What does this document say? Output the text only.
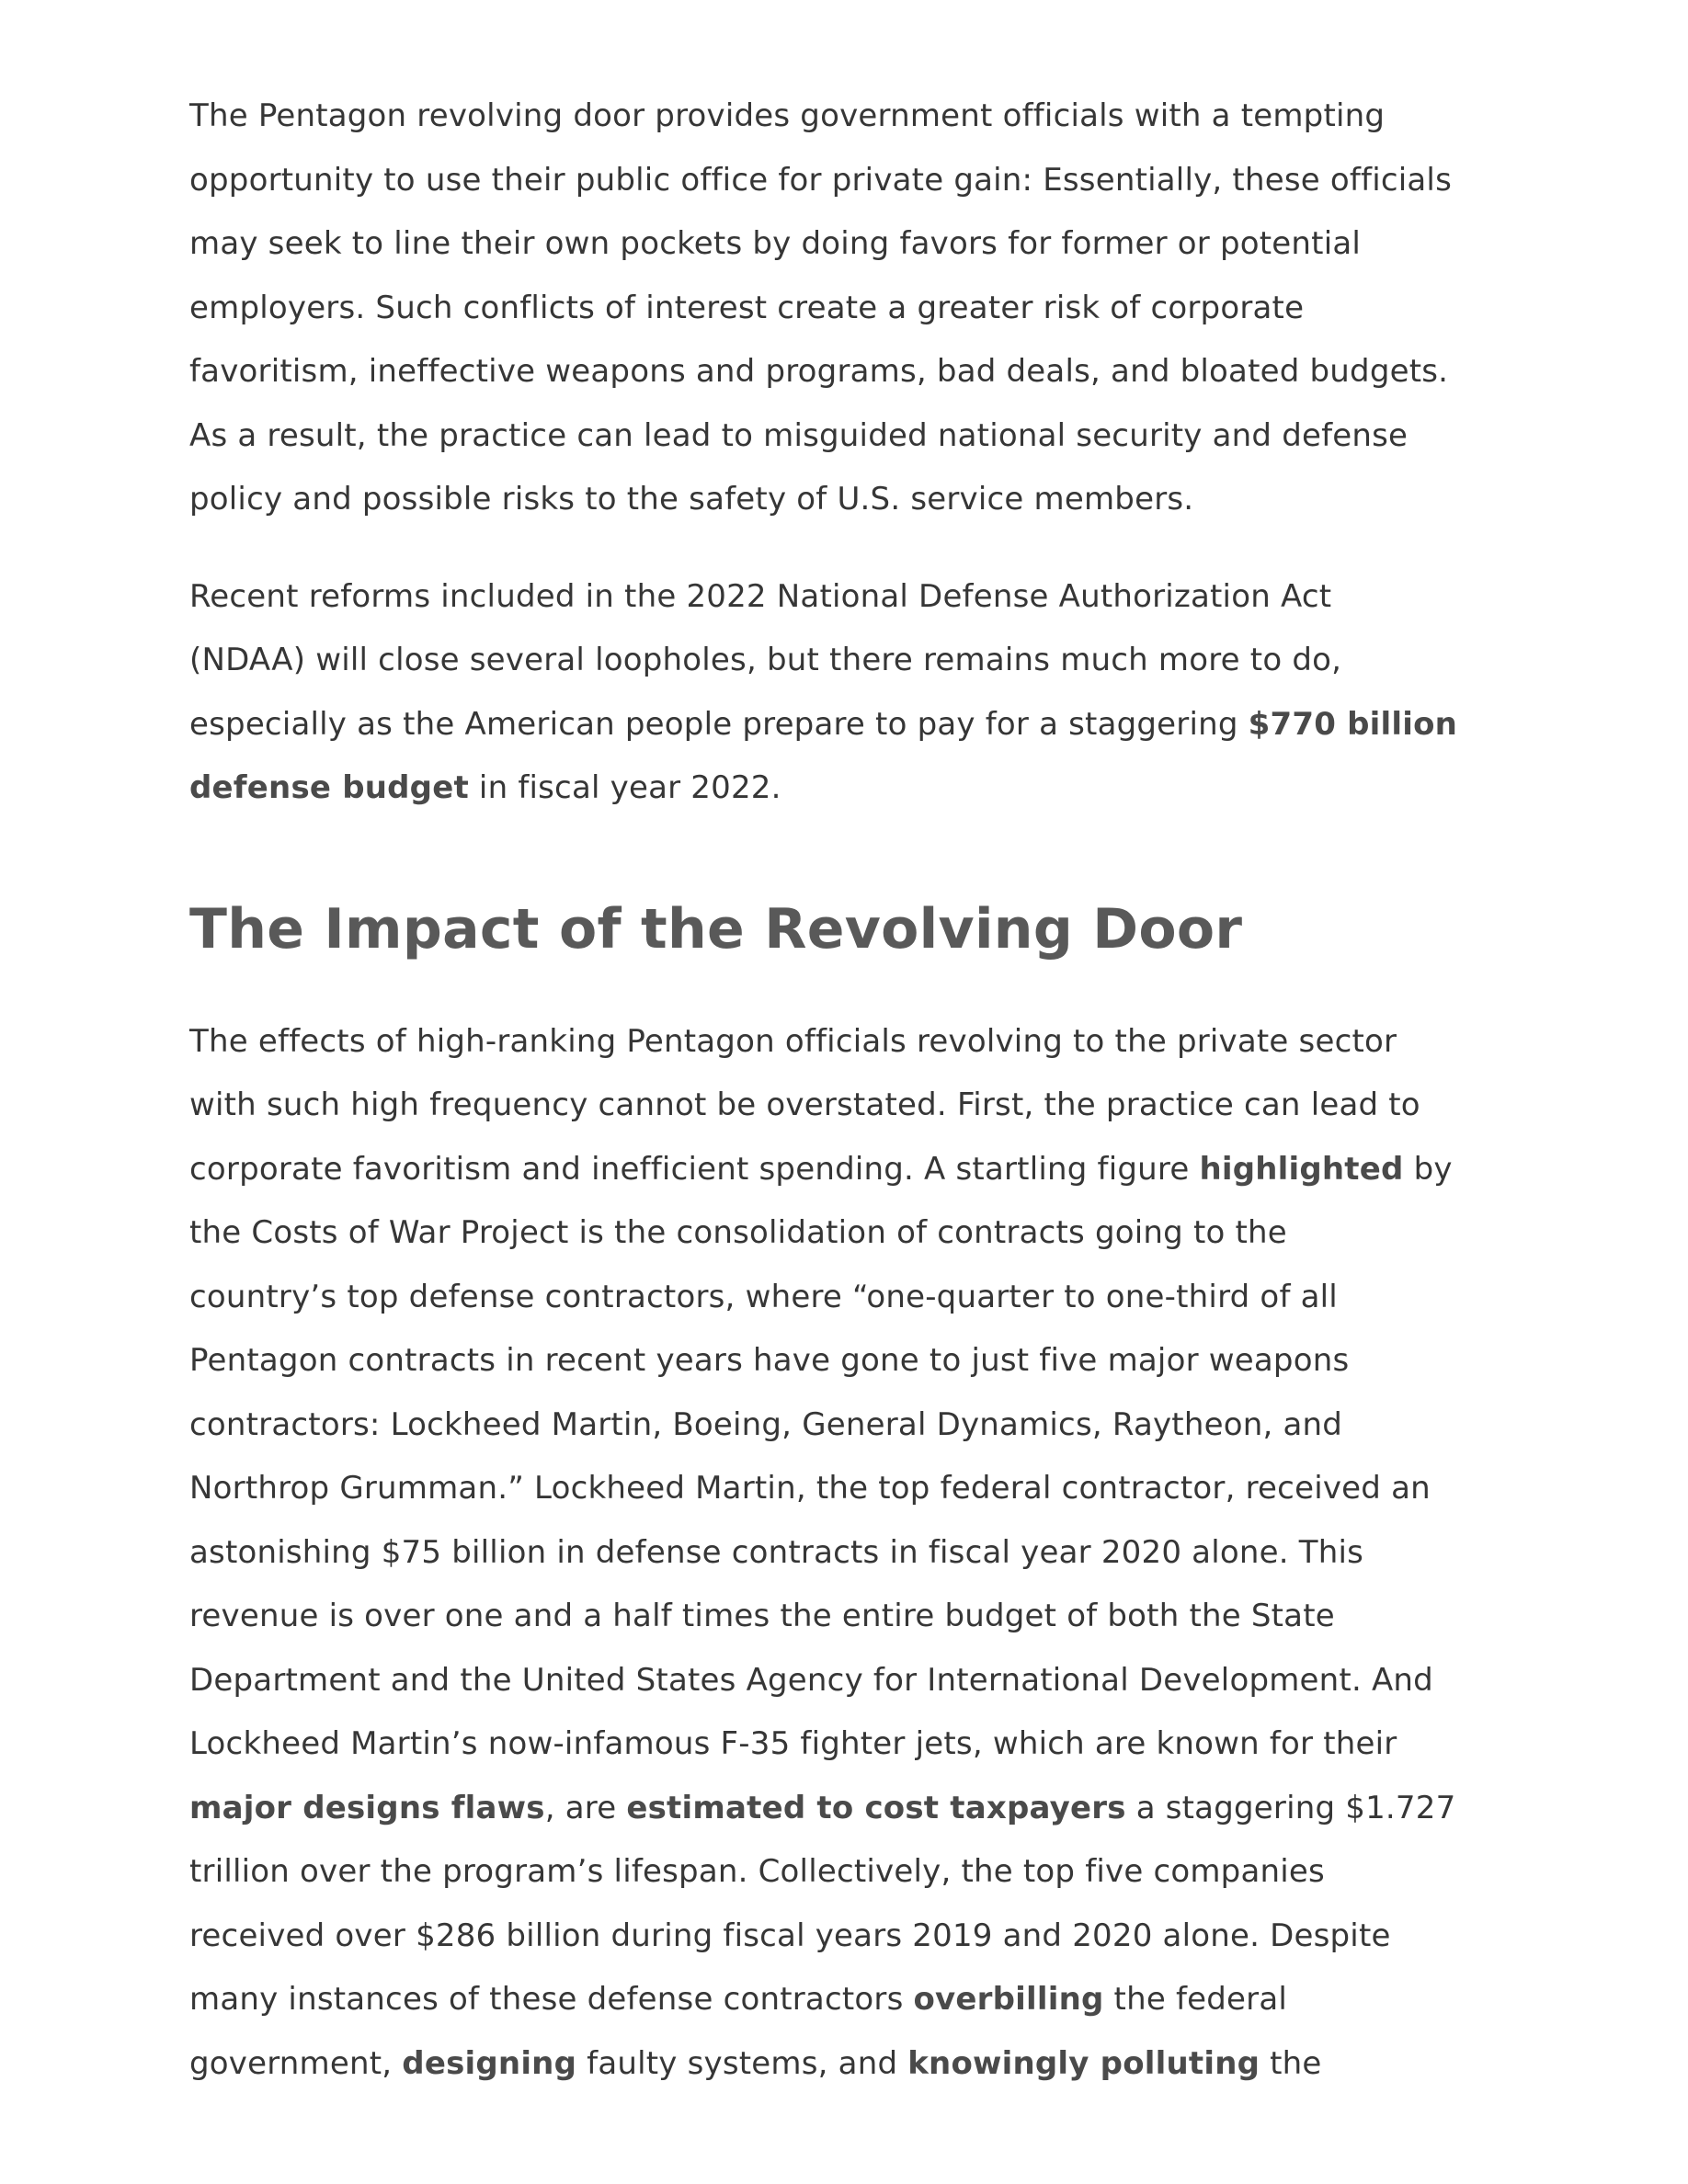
The Pentagon revolving door provides government officials with a tempting
opportunity to use their public office for private gain: Essentially, these officials
may seek to line their own pockets by doing favors for former or potential
employers. Such conflicts of interest create a greater risk of corporate
favoritism, ineffective weapons and programs, bad deals, and bloated budgets.
As a result, the practice can lead to misguided national security and defense
policy and possible risks to the safety of U.S. service members.

Recent reforms included in the 2022 National Defense Authorization Act
(NDAA) will close several loopholes, but there remains much more to do,
especially as the American people prepare to pay for a staggering $770 billion
defense budget in fiscal year 2022.

The Impact of the Revolving Door

The effects of high-ranking Pentagon officials revolving to the private sector
with such high frequency cannot be overstated. First, the practice can lead to
corporate favoritism and inefficient spending. A startling figure highlighted by
the Costs of War Project is the consolidation of contracts going to the
country’s top defense contractors, where “one-quarter to one-third of all
Pentagon contracts in recent years have gone to just five major weapons
contractors: Lockheed Martin, Boeing, General Dynamics, Raytheon, and
Northrop Grumman.” Lockheed Martin, the top federal contractor, received an
astonishing $75 billion in defense contracts in fiscal year 2020 alone. This
revenue is over one and a half times the entire budget of both the State
Department and the United States Agency for International Development. And
Lockheed Martin’s now-infamous F-35 fighter jets, which are known for their
major designs flaws, are estimated to cost taxpayers a staggering $1.727
trillion over the program’s lifespan. Collectively, the top five companies
received over $286 billion during fiscal years 2019 and 2020 alone. Despite
many instances of these defense contractors overbilling the federal
government, designing faulty systems, and knowingly polluting the
